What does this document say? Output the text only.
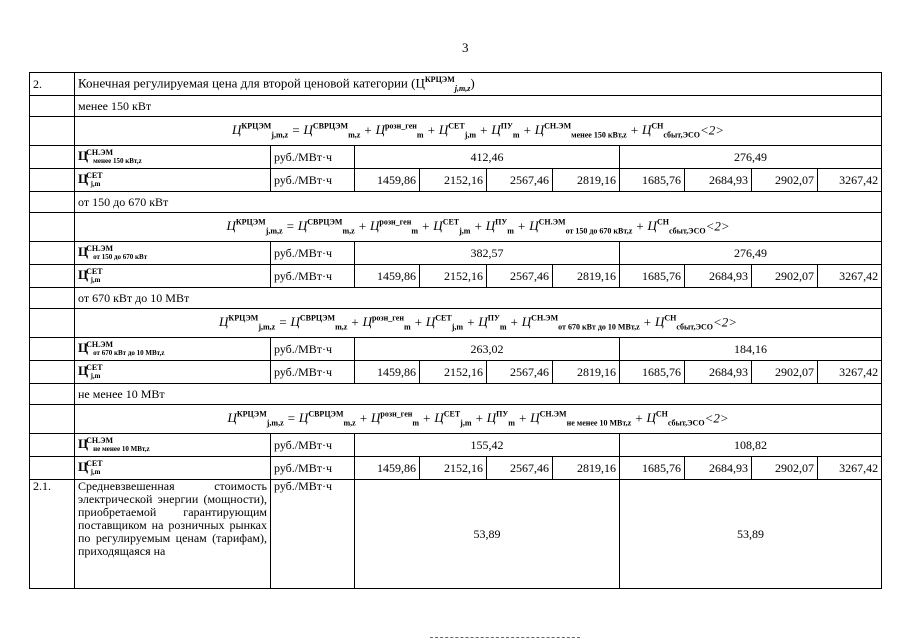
3
2.	Конечная регулируемая цена для второй ценовой категории $(Ц^{КРЦЭМ}_{j,m,z})$									
	менее 150 кВт									
	$Ц^{КРЦЭМ}_{j,m,z} = Ц^{СВРЦЭМ}_{m,z} + Ц^{розн\_ген}_m + Ц^{СЕТ}_{j,m} + Ц^{ПУ}_m + Ц^{СН.ЭМ}_{менее 150 кВт,z} + Ц^{СН}_{сбыт,ЭСО}<2>$									
	ЦСН.ЭМменее 150 кВт,z	руб./МВт·ч	412,46				276,49			
	ЦСЕТj,m	руб./МВт·ч	1459,86	2152,16	2567,46	2819,16	1685,76	2684,93	2902,07	3267,42
	от 150 до 670 кВт									
	$Ц^{КРЦЭМ}_{j,m,z} = Ц^{СВРЦЭМ}_{m,z} + Ц^{розн\_ген}_m + Ц^{СЕТ}_{j,m} + Ц^{ПУ}_m + Ц^{СН.ЭМ}_{от 150 до 670 кВт,z} + Ц^{СН}_{сбыт,ЭСО}<2>$									
	ЦСН.ЭМот 150 до 670 кВт	руб./МВт·ч	382,57				276,49			
	ЦСЕТj,m	руб./МВт·ч	1459,86	2152,16	2567,46	2819,16	1685,76	2684,93	2902,07	3267,42
	от 670 кВт до 10 МВт									
	$Ц^{КРЦЭМ}_{j,m,z} = Ц^{СВРЦЭМ}_{m,z} + Ц^{розн\_ген}_m + Ц^{СЕТ}_{j,m} + Ц^{ПУ}_m + Ц^{СН.ЭМ}_{от 670 кВт до 10 МВт,z} + Ц^{СН}_{сбыт,ЭСО}<2>$									
	ЦСН.ЭМот 670 кВт до 10 МВт,z	руб./МВт·ч	263,02				184,16			
	ЦСЕТj,m	руб./МВт·ч	1459,86	2152,16	2567,46	2819,16	1685,76	2684,93	2902,07	3267,42
	не менее 10 МВт									
	$Ц^{КРЦЭМ}_{j,m,z} = Ц^{СВРЦЭМ}_{m,z} + Ц^{розн\_ген}_m + Ц^{СЕТ}_{j,m} + Ц^{ПУ}_m + Ц^{СН.ЭМ}_{не менее 10 МВт,z} + Ц^{СН}_{сбыт,ЭСО}<2>$									
	ЦСН.ЭМне менее 10 МВт,z	руб./МВт·ч	155,42				108,82			
	ЦСЕТj,m	руб./МВт·ч	1459,86	2152,16	2567,46	2819,16	1685,76	2684,93	2902,07	3267,42
2.1.	Средневзвешенная стоимость электрической энергии (мощности), приобретаемой гарантирующим поставщиком на розничных рынках по регулируемым ценам (тарифам), приходящаяся на	руб./МВт·ч	53,89				53,89			
